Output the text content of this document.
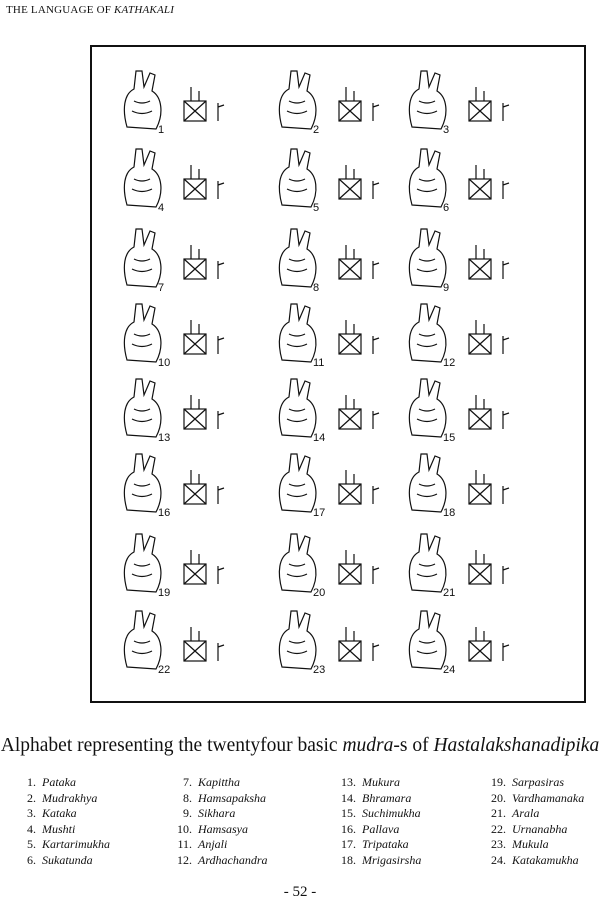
THE LANGUAGE OF KATHAKALI
1	2	3
4	5	6
7	8	9
10	11	12
13	14	15
16	17	18
19	20	21
22	23	24
Alphabet representing the twentyfour basic mudra-s of Hastalakshanadipika
1. Pataka
2. Mudrakhya
3. Kataka
4. Mushti
5. Kartarimukha
6. Sukatunda
7. Kapittha
8. Hamsapaksha
9. Sikhara
10. Hamsasya
11. Anjali
12. Ardhachandra
13. Mukura
14. Bhramara
15. Suchimukha
16. Pallava
17. Tripataka
18. Mrigasirsha
19. Sarpasiras
20. Vardhamanaka
21. Arala
22. Urnanabha
23. Mukula
24. Katakamukha
- 52 -
